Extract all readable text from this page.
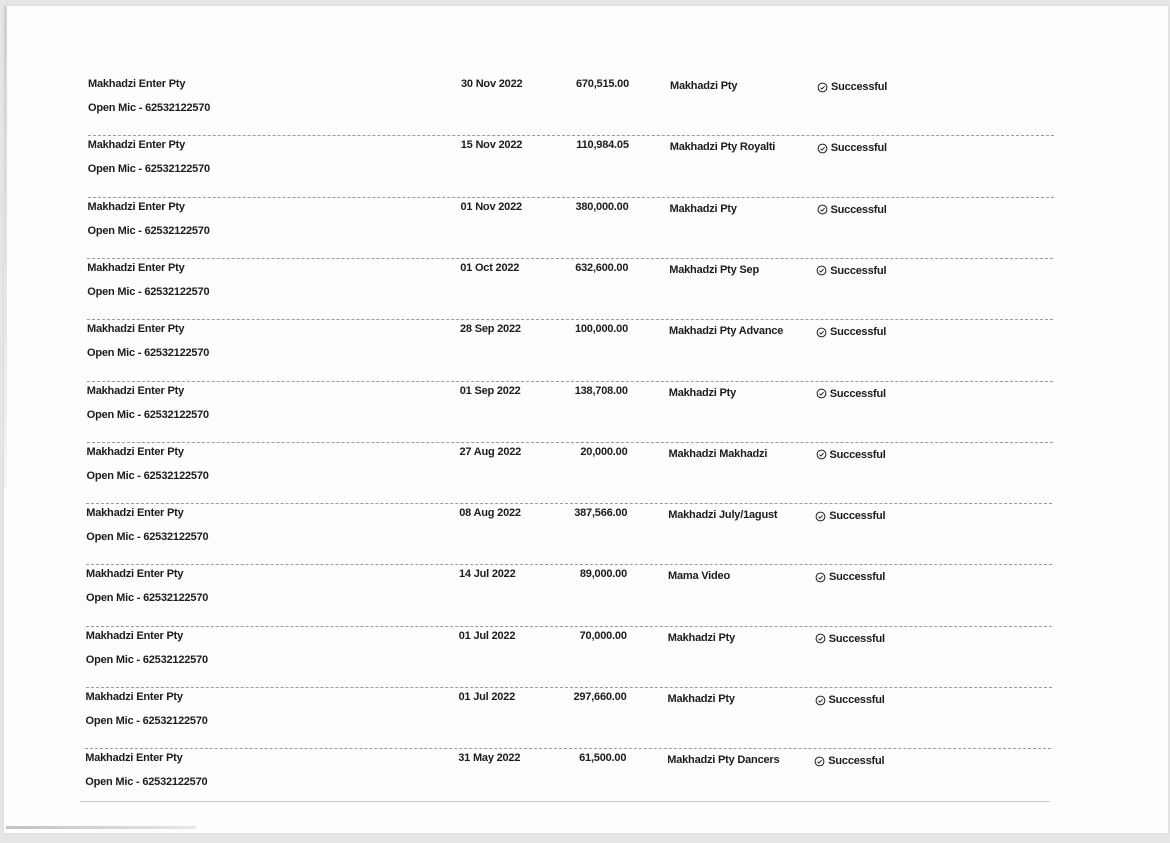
Makhadzi Enter Pty
Open Mic - 62532122570
30 Nov 2022	670,515.00	Makhadzi Pty	Successful
Makhadzi Enter Pty
Open Mic - 62532122570
15 Nov 2022	110,984.05	Makhadzi Pty Royalti	Successful
Makhadzi Enter Pty
Open Mic - 62532122570
01 Nov 2022	380,000.00	Makhadzi Pty	Successful
Makhadzi Enter Pty
Open Mic - 62532122570
01 Oct 2022	632,600.00	Makhadzi Pty Sep	Successful
Makhadzi Enter Pty
Open Mic - 62532122570
28 Sep 2022	100,000.00	Makhadzi Pty Advance	Successful
Makhadzi Enter Pty
Open Mic - 62532122570
01 Sep 2022	138,708.00	Makhadzi Pty	Successful
Makhadzi Enter Pty
Open Mic - 62532122570
27 Aug 2022	20,000.00	Makhadzi Makhadzi	Successful
Makhadzi Enter Pty
Open Mic - 62532122570
08 Aug 2022	387,566.00	Makhadzi July/1agust	Successful
Makhadzi Enter Pty
Open Mic - 62532122570
14 Jul 2022	89,000.00	Mama Video	Successful
Makhadzi Enter Pty
Open Mic - 62532122570
01 Jul 2022	70,000.00	Makhadzi Pty	Successful
Makhadzi Enter Pty
Open Mic - 62532122570
01 Jul 2022	297,660.00	Makhadzi Pty	Successful
Makhadzi Enter Pty
Open Mic - 62532122570
31 May 2022	61,500.00	Makhadzi Pty Dancers	Successful
